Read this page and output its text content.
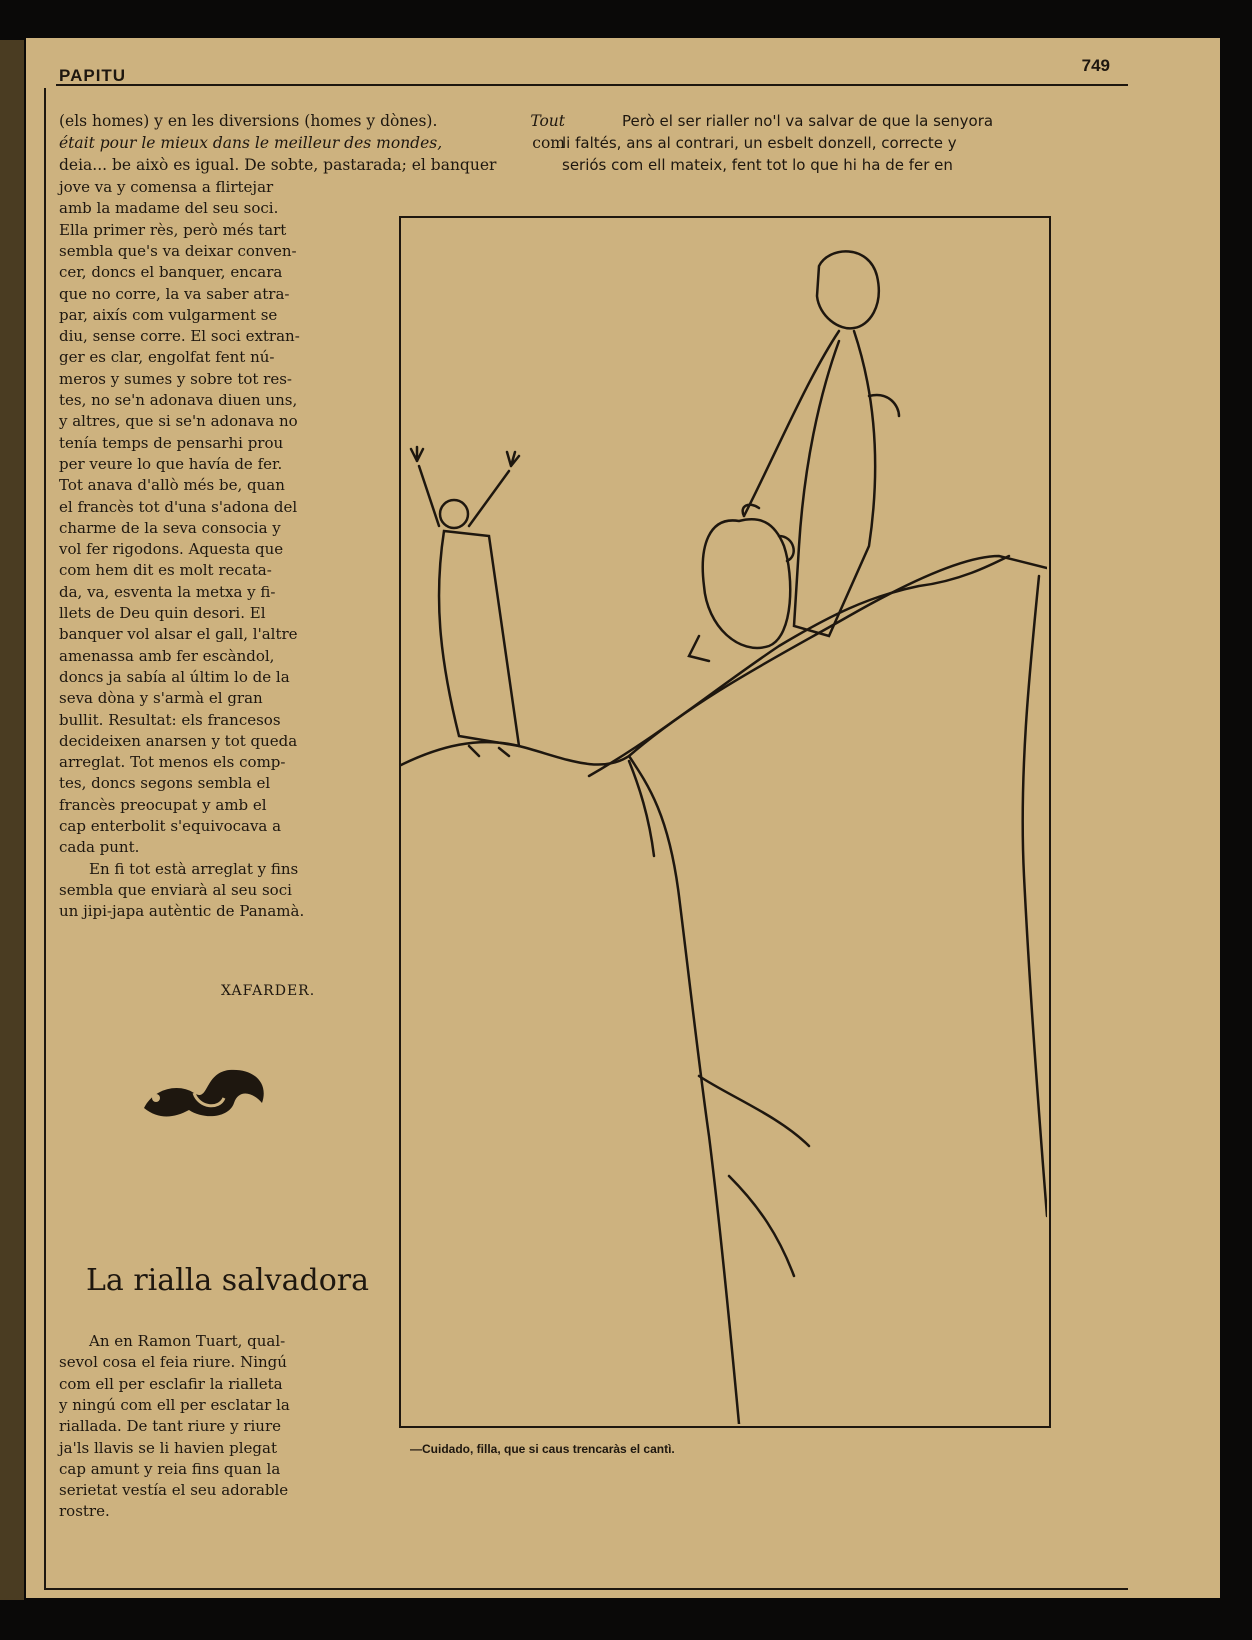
PAPITU
749
(els homes) y en les diversions (homes y dònes).	Tout
était pour le mieux dans le meilleur des mondes,	com
deia... be això es igual. De sobte, pastarada; el banquer
jove va y comensa a flirtejar
amb la madame del seu soci.
Ella primer rès, però més tart
sembla que's va deixar conven-
cer, doncs el banquer, encara
que no corre, la va saber atra-
par, aixís com vulgarment se
diu, sense corre. El soci extran-
ger es clar, engolfat fent nú-
meros y sumes y sobre tot res-
tes, no se'n adonava diuen uns,
y altres, que si se'n adonava no
tenía temps de pensarhi prou
per veure lo que havía de fer.
Tot anava d'allò més be, quan
el francès tot d'una s'adona del
charme de la seva consocia y
vol fer rigodons. Aquesta que
com hem dit es molt recata-
da, va, esventa la metxa y fi-
llets de Deu quin desori. El
banquer vol alsar el gall, l'altre
amenassa amb fer escàndol,
doncs ja sabía al últim lo de la
seva dòna y s'armà el gran
bullit. Resultat: els francesos
decideixen anarsen y tot queda
arreglat. Tot menos els comp-
tes, doncs segons sembla el
francès preocupat y amb el
cap enterbolit s'equivocava a
cada punt.
En fi tot està arreglat y fins
sembla que enviarà al seu soci
un jipi-japa autèntic de Panamà.
XAFARDER.
La rialla salvadora
An en Ramon Tuart, qual-
sevol cosa el feia riure. Ningú
com ell per esclafir la rialleta
y ningú com ell per esclatar la
riallada. De tant riure y riure
ja'ls llavis se li havien plegat
cap amunt y reia fins quan la
serietat vestía el seu adorable
rostre.
Però el ser rialler no'l va salvar de que la senyora
li faltés, ans al contrari, un esbelt donzell, correcte y
seriós com ell mateix, fent tot lo que hi ha de fer en
—Cuidado, filla, que si caus trencaràs el cantì.
